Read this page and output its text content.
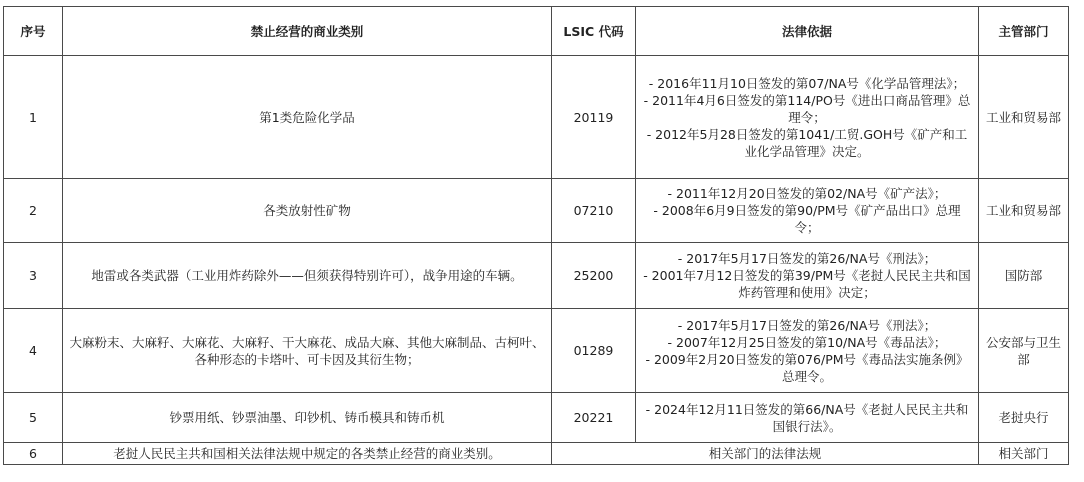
序号	禁止经营的商业类别	LSIC 代码	法律依据	主管部门
1	第1类危险化学品	20119	- 2016年11月10日签发的第07/NA号《化学品管理法》；
- 2011年4月6日签发的第114/PO号《进出口商品管理》总理令；
- 2012年5月28日签发的第1041/工贸.GOH号《矿产和工业化学品管理》决定。	工业和贸易部
2	各类放射性矿物	07210	- 2011年12月20日签发的第02/NA号《矿产法》；
- 2008年6月9日签发的第90/PM号《矿产品出口》总理令；	工业和贸易部
3	地雷或各类武器（工业用炸药除外——但须获得特别许可），战争用途的车辆。	25200	- 2017年5月17日签发的第26/NA号《刑法》；
- 2001年7月12日签发的第39/PM号《老挝人民民主共和国炸药管理和使用》决定；	国防部
4	大麻粉末、大麻籽、大麻花、大麻籽、干大麻花、成品大麻、其他大麻制品、古柯叶、各种形态的卡塔叶、可卡因及其衍生物；	01289	- 2017年5月17日签发的第26/NA号《刑法》；
- 2007年12月25日签发的第10/NA号《毒品法》；
- 2009年2月20日签发的第076/PM号《毒品法实施条例》总理令。	公安部与卫生部
5	钞票用纸、钞票油墨、印钞机、铸币模具和铸币机	20221	- 2024年12月11日签发的第66/NA号《老挝人民民主共和国银行法》。	老挝央行
6	老挝人民民主共和国相关法律法规中规定的各类禁止经营的商业类别。	相关部门的法律法规		相关部门
